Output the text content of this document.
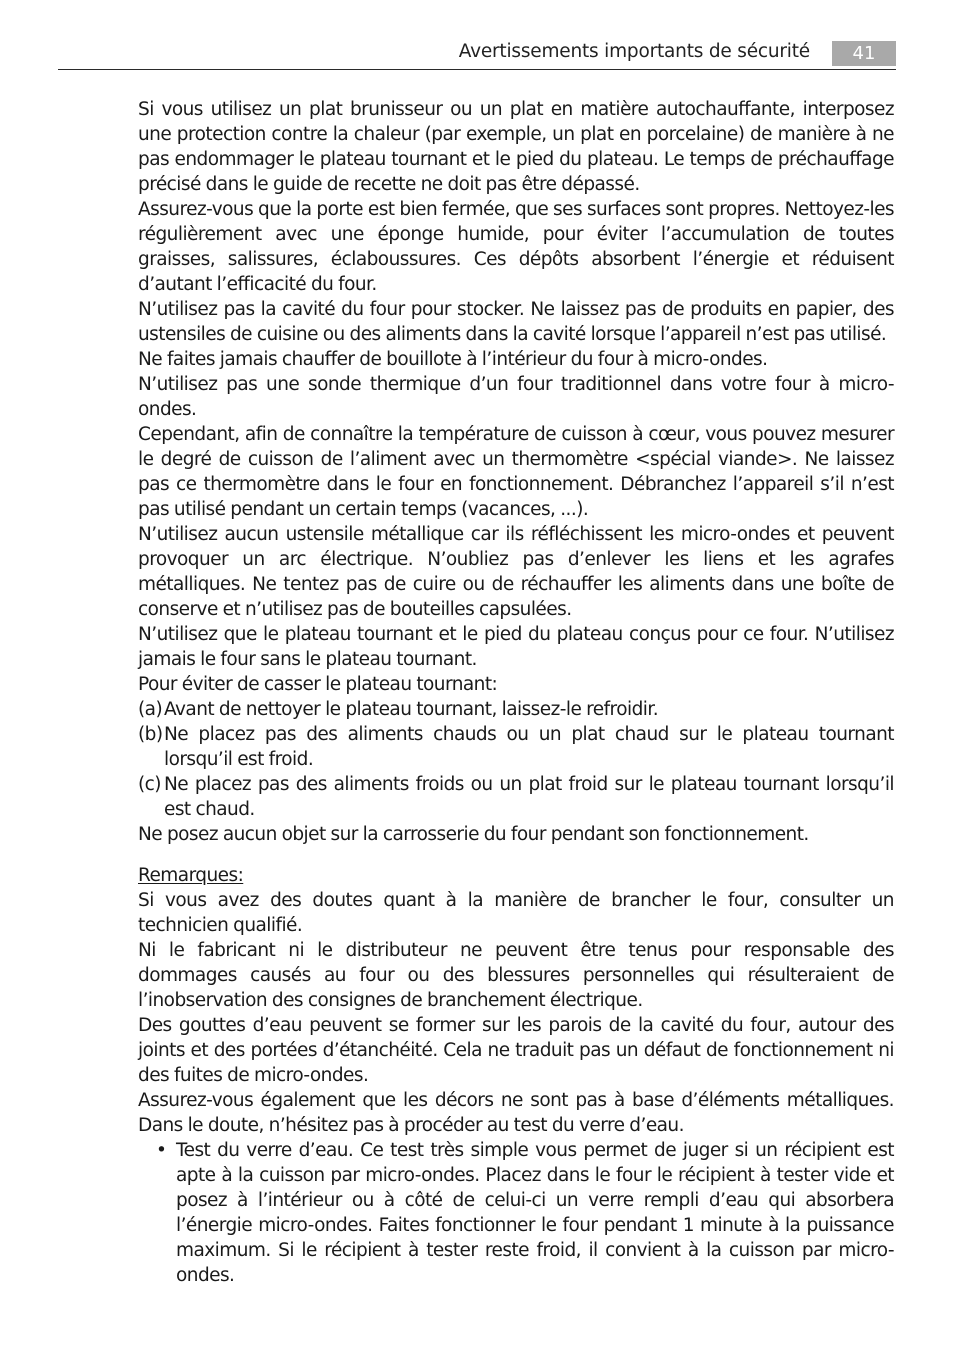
Avertissements importants de sécurité	41

Si vous utilisez un plat brunisseur ou un plat en matière autochauffante, interposez une protection contre la chaleur (par exemple, un plat en porcelaine) de manière à ne pas endommager le plateau tournant et le pied du plateau. Le temps de préchauffage précisé dans le guide de recette ne doit pas être dépassé.

Assurez-vous que la porte est bien fermée, que ses surfaces sont propres. Nettoyez-les régulièrement avec une éponge humide, pour éviter l’accumulation de toutes graisses, salissures, éclaboussures. Ces dépôts absorbent l’énergie et réduisent d’autant l’efficacité du four.

N’utilisez pas la cavité du four pour stocker. Ne laissez pas de produits en papier, des ustensiles de cuisine ou des aliments dans la cavité lorsque l’appareil n’est pas utilisé.

Ne faites jamais chauffer de bouillote à l’intérieur du four à micro-ondes.

N’utilisez pas une sonde thermique d’un four traditionnel dans votre four à micro-ondes.

Cependant, afin de connaître la température de cuisson à cœur, vous pouvez mesurer le degré de cuisson de l’aliment avec un thermomètre <spécial viande>. Ne laissez pas ce thermomètre dans le four en fonctionnement. Débranchez l’appareil s’il n’est pas utilisé pendant un certain temps (vacances, ...).

N’utilisez aucun ustensile métallique car ils réfléchissent les micro-ondes et peuvent provoquer un arc électrique. N’oubliez pas d’enlever les liens et les agrafes métalliques. Ne tentez pas de cuire ou de réchauffer les aliments dans une boîte de conserve et n’utilisez pas de bouteilles capsulées.

N’utilisez que le plateau tournant et le pied du plateau conçus pour ce four. N’utilisez jamais le four sans le plateau tournant.

Pour éviter de casser le plateau tournant:

(a) Avant de nettoyer le plateau tournant, laissez-le refroidir.
(b) Ne placez pas des aliments chauds ou un plat chaud sur le plateau tournant lorsqu’il est froid.
(c) Ne placez pas des aliments froids ou un plat froid sur le plateau tournant lorsqu’il est chaud.

Ne posez aucun objet sur la carrosserie du four pendant son fonctionnement.

Remarques:

Si vous avez des doutes quant à la manière de brancher le four, consulter un technicien qualifié.

Ni le fabricant ni le distributeur ne peuvent être tenus pour responsable des dommages causés au four ou des blessures personnelles qui résulteraient de l’inobservation des consignes de branchement électrique.

Des gouttes d’eau peuvent se former sur les parois de la cavité du four, autour des joints et des portées d’étanchéité. Cela ne traduit pas un défaut de fonctionnement ni des fuites de micro-ondes.

Assurez-vous également que les décors ne sont pas à base d’éléments métalliques. Dans le doute, n’hésitez pas à procéder au test du verre d’eau.

• Test du verre d’eau. Ce test très simple vous permet de juger si un récipient est apte à la cuisson par micro-ondes. Placez dans le four le récipient à tester vide et posez à l’intérieur ou à côté de celui-ci un verre rempli d’eau qui absorbera l’énergie micro-ondes. Faites fonctionner le four pendant 1 minute à la puissance maximum. Si le récipient à tester reste froid, il convient à la cuisson par micro-ondes.
